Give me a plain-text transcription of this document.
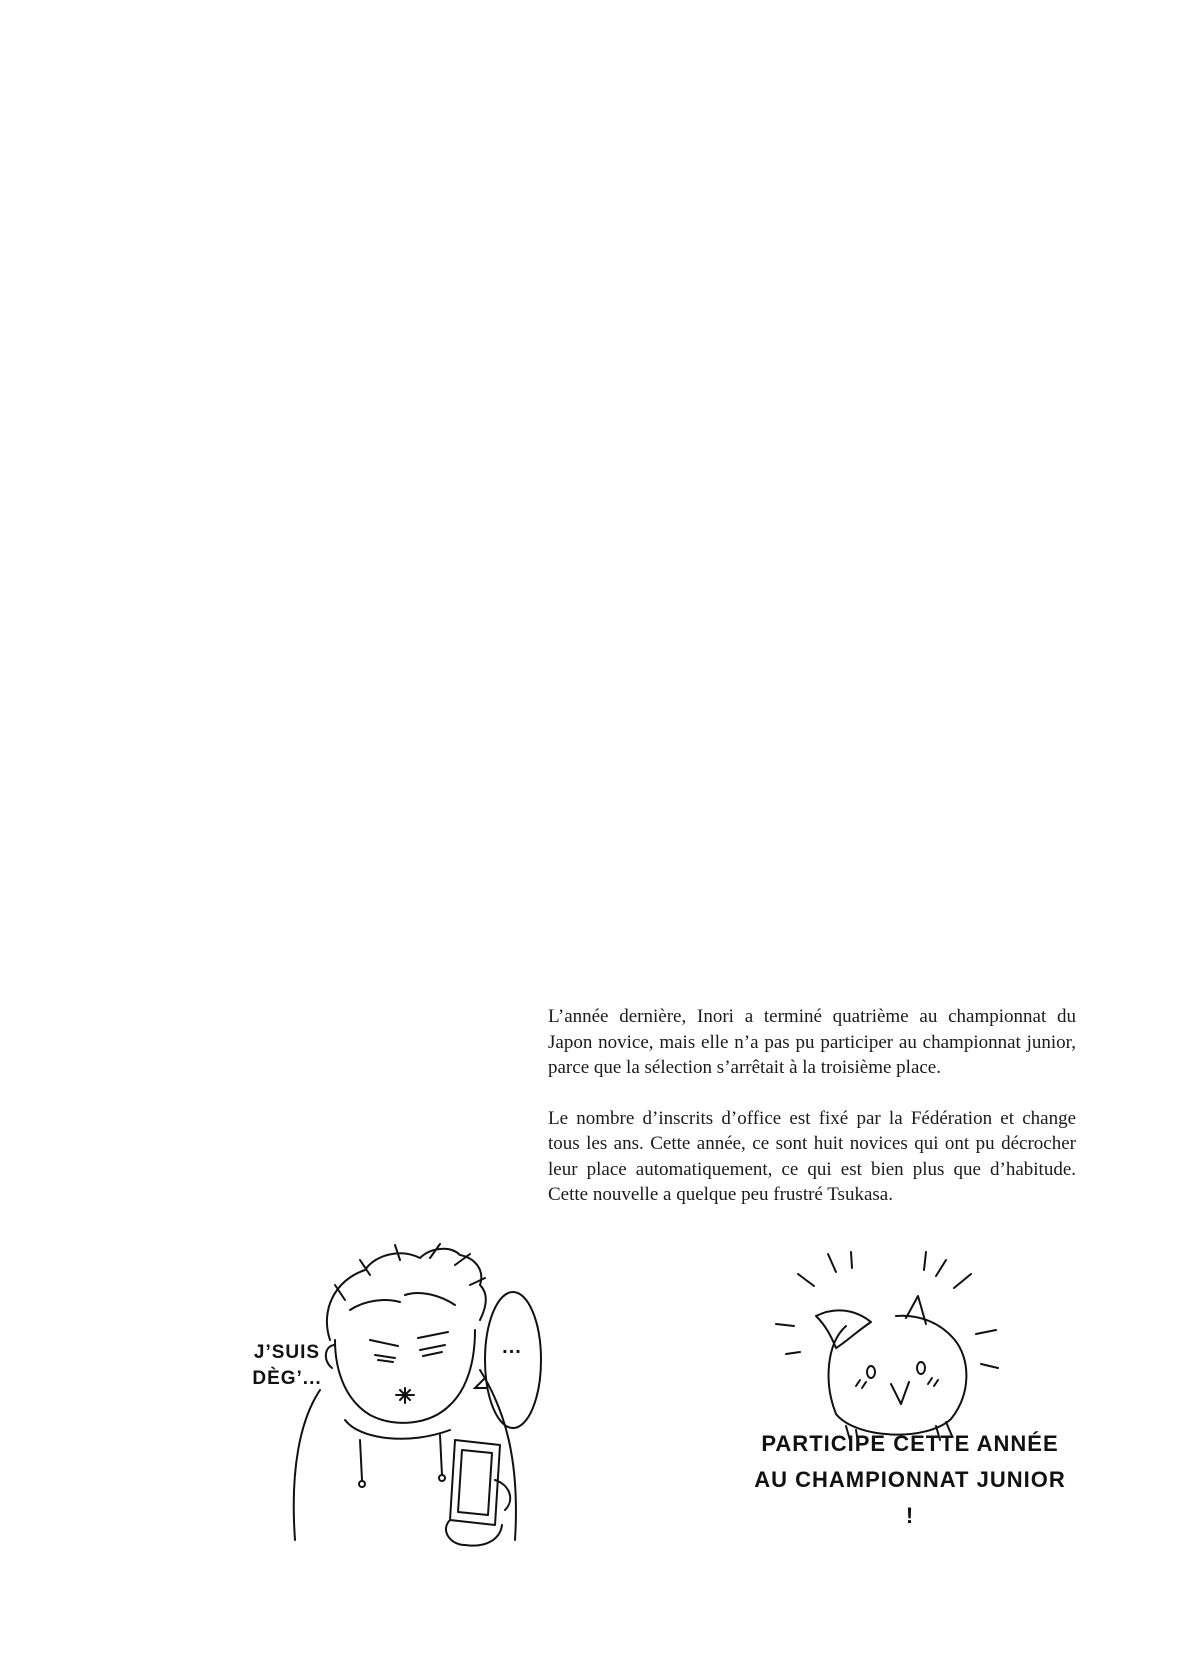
L’année dernière, Inori a terminé quatrième au championnat du Japon novice, mais elle n’a pas pu participer au championnat junior, parce que la sélection s’arrêtait à la troisième place.

Le nombre d’inscrits d’office est fixé par la Fédération et change tous les ans. Cette année, ce sont huit novices qui ont pu décrocher leur place automatiquement, ce qui est bien plus que d’habitude. Cette nouvelle a quelque peu frustré Tsukasa.

J’SUIS
DÈG’...
...
PARTICIPE CETTE ANNÉE
AU CHAMPIONNAT JUNIOR !
